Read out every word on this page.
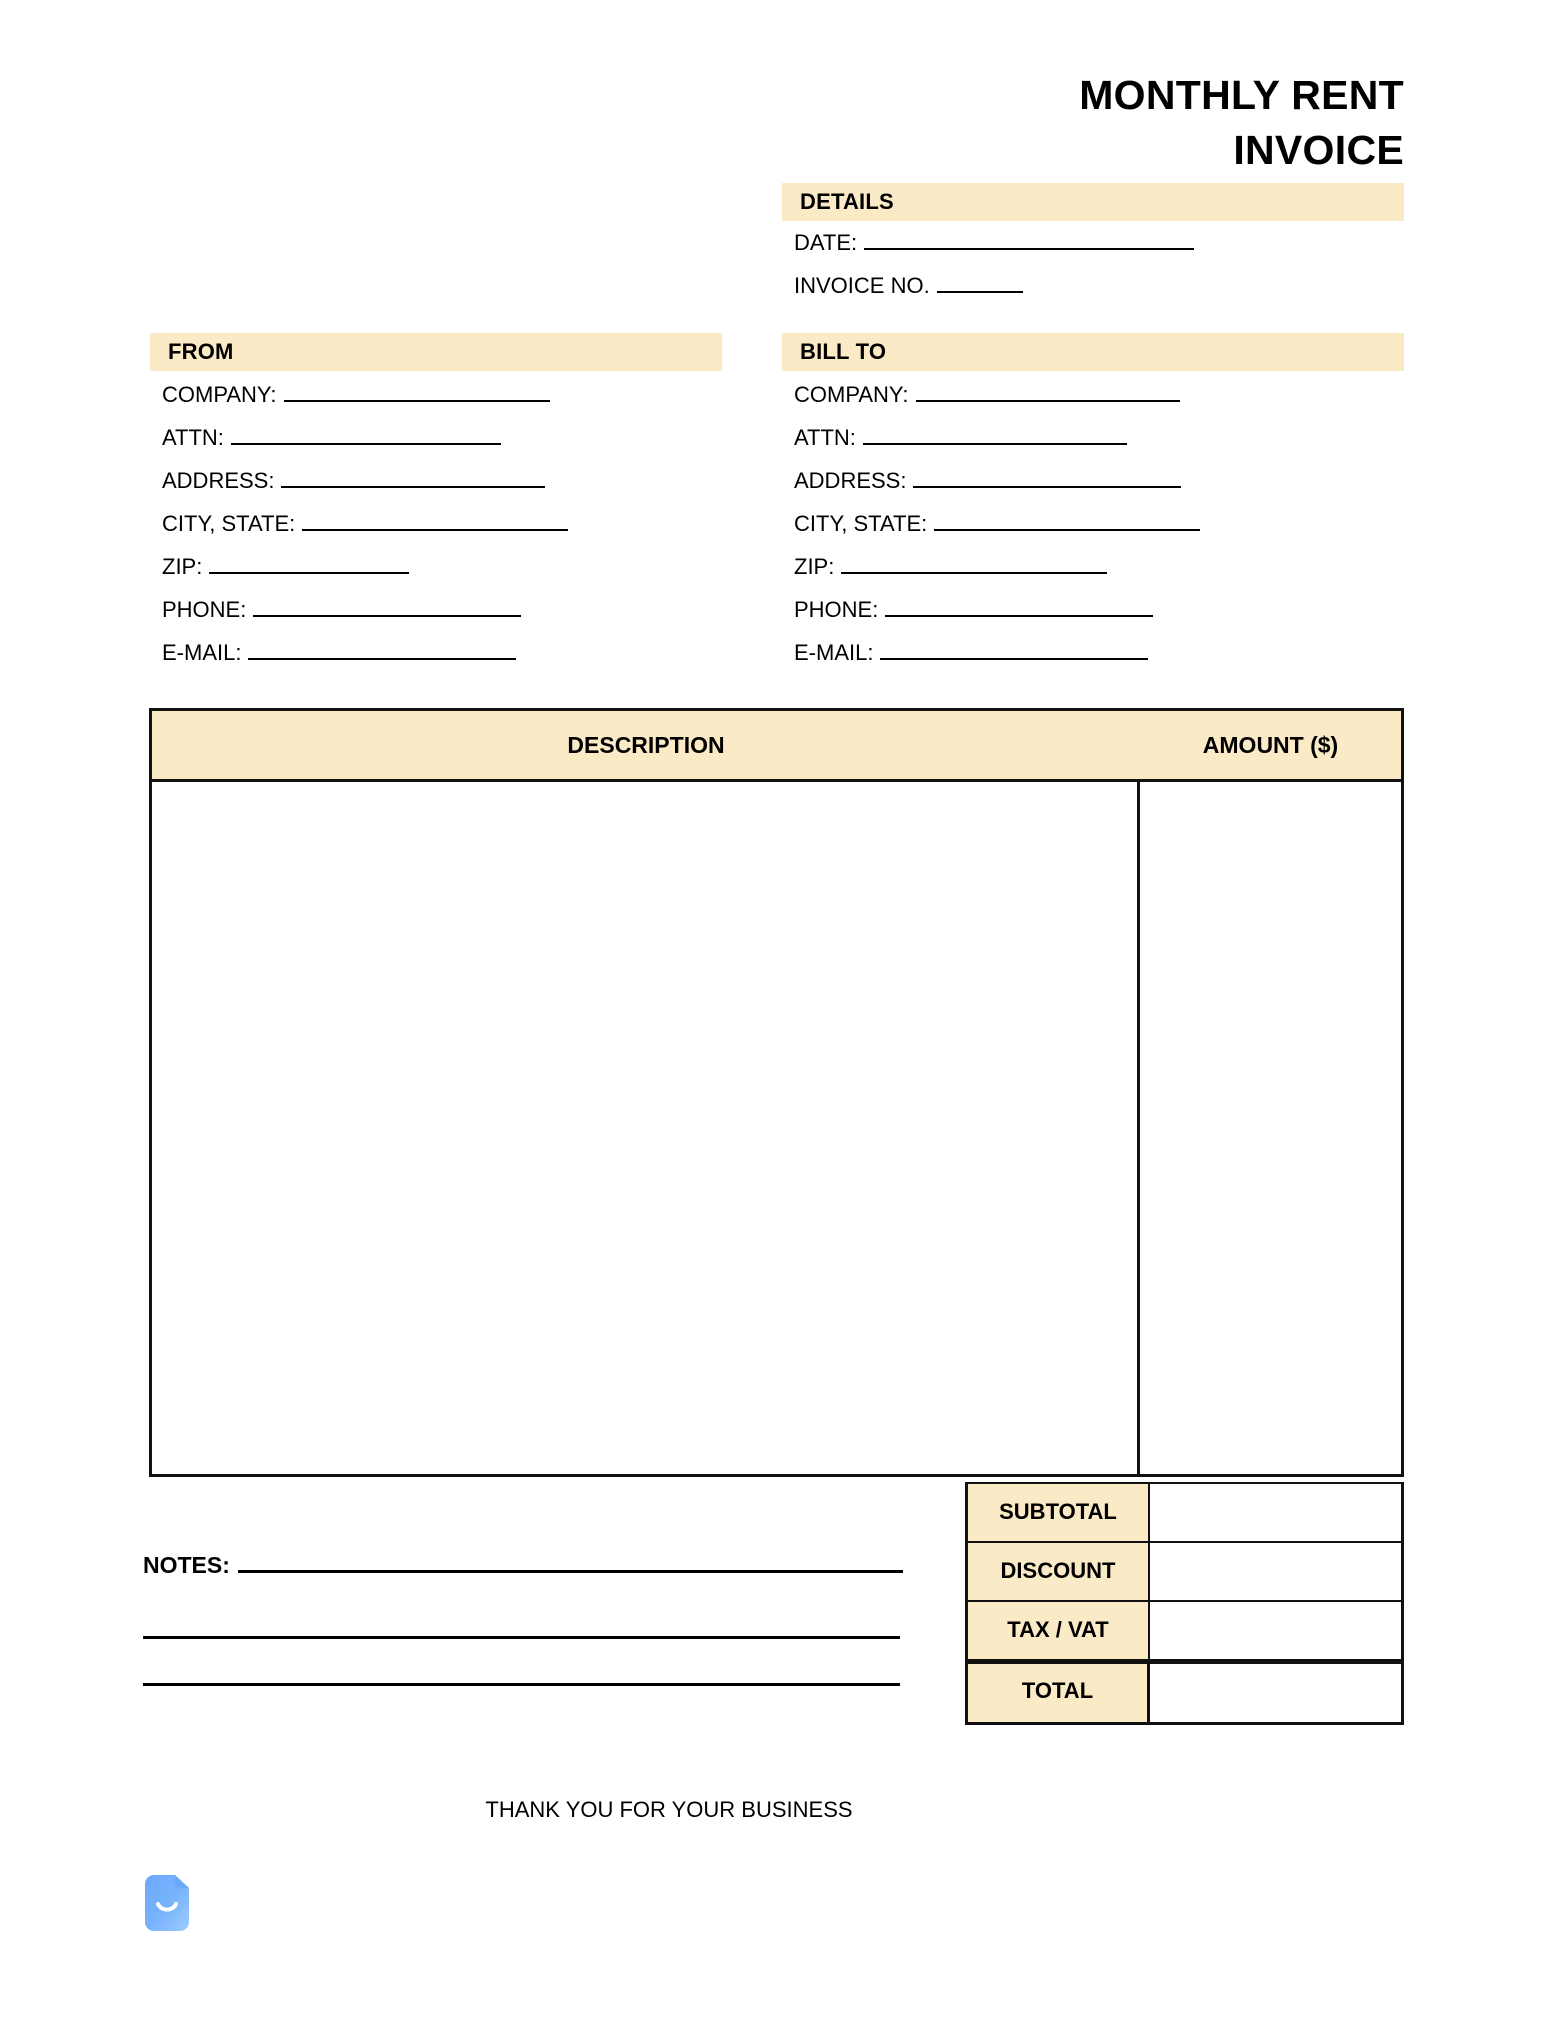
MONTHLY RENT
INVOICE
DETAILS
DATE:
INVOICE NO.
FROM
COMPANY:
ATTN:
ADDRESS:
CITY, STATE:
ZIP:
PHONE:
E-MAIL:
BILL TO
COMPANY:
ATTN:
ADDRESS:
CITY, STATE:
ZIP:
PHONE:
E-MAIL:
DESCRIPTION	AMOUNT ($)
SUBTOTAL
DISCOUNT
TAX / VAT
TOTAL
NOTES:
THANK YOU FOR YOUR BUSINESS
